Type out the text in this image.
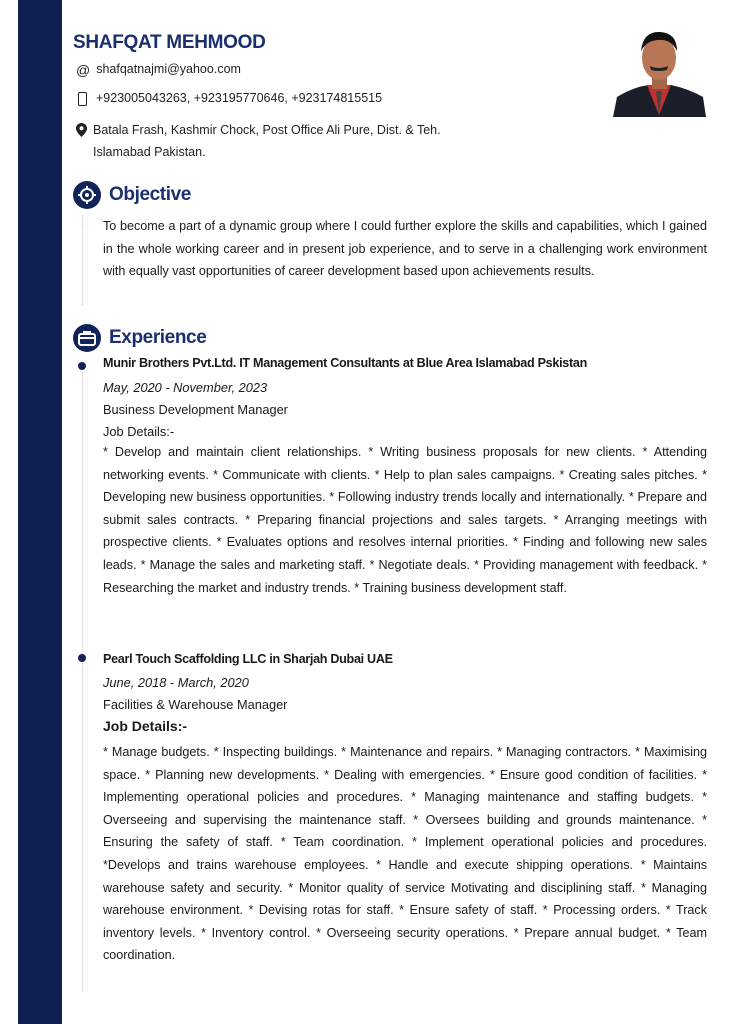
SHAFQAT MEHMOOD
@ shafqatnajmi@yahoo.com
+923005043263, +923195770646, +923174815515
Batala Frash, Kashmir Chock, Post Office Ali Pure, Dist. & Teh.
Islamabad Pakistan.
Objective
To become a part of a dynamic group where I could further explore the skills and capabilities, which I gained in the whole working career and in present job experience, and to serve in a challenging work environment with equally vast opportunities of career development based upon achievements results.
Experience
Munir Brothers Pvt.Ltd. IT Management Consultants at Blue Area Islamabad Pskistan
May, 2020 - November, 2023
Business Development Manager
Job Details:-
* Develop and maintain client relationships. * Writing business proposals for new clients. * Attending networking events. * Communicate with clients. * Help to plan sales campaigns. * Creating sales pitches. * Developing new business opportunities. * Following industry trends locally and internationally. * Prepare and submit sales contracts. * Preparing financial projections and sales targets. * Arranging meetings with prospective clients. * Evaluates options and resolves internal priorities. * Finding and following new sales leads. * Manage the sales and marketing staff. * Negotiate deals. * Providing management with feedback. * Researching the market and industry trends. * Training business development staff.
Pearl Touch Scaffolding LLC in Sharjah Dubai UAE
June, 2018 - March, 2020
Facilities & Warehouse Manager
Job Details:-
* Manage budgets. * Inspecting buildings. * Maintenance and repairs. * Managing contractors. * Maximising space. * Planning new developments. * Dealing with emergencies. * Ensure good condition of facilities. * Implementing operational policies and procedures. * Managing maintenance and staffing budgets. * Overseeing and supervising the maintenance staff. * Oversees building and grounds maintenance. * Ensuring the safety of staff. * Team coordination. * Implement operational policies and procedures. *Develops and trains warehouse employees. * Handle and execute shipping operations. * Maintains warehouse safety and security. * Monitor quality of service Motivating and disciplining staff. * Managing warehouse environment. * Devising rotas for staff. * Ensure safety of staff. * Processing orders. * Track inventory levels. * Inventory control. * Overseeing security operations. * Prepare annual budget. * Team coordination.
